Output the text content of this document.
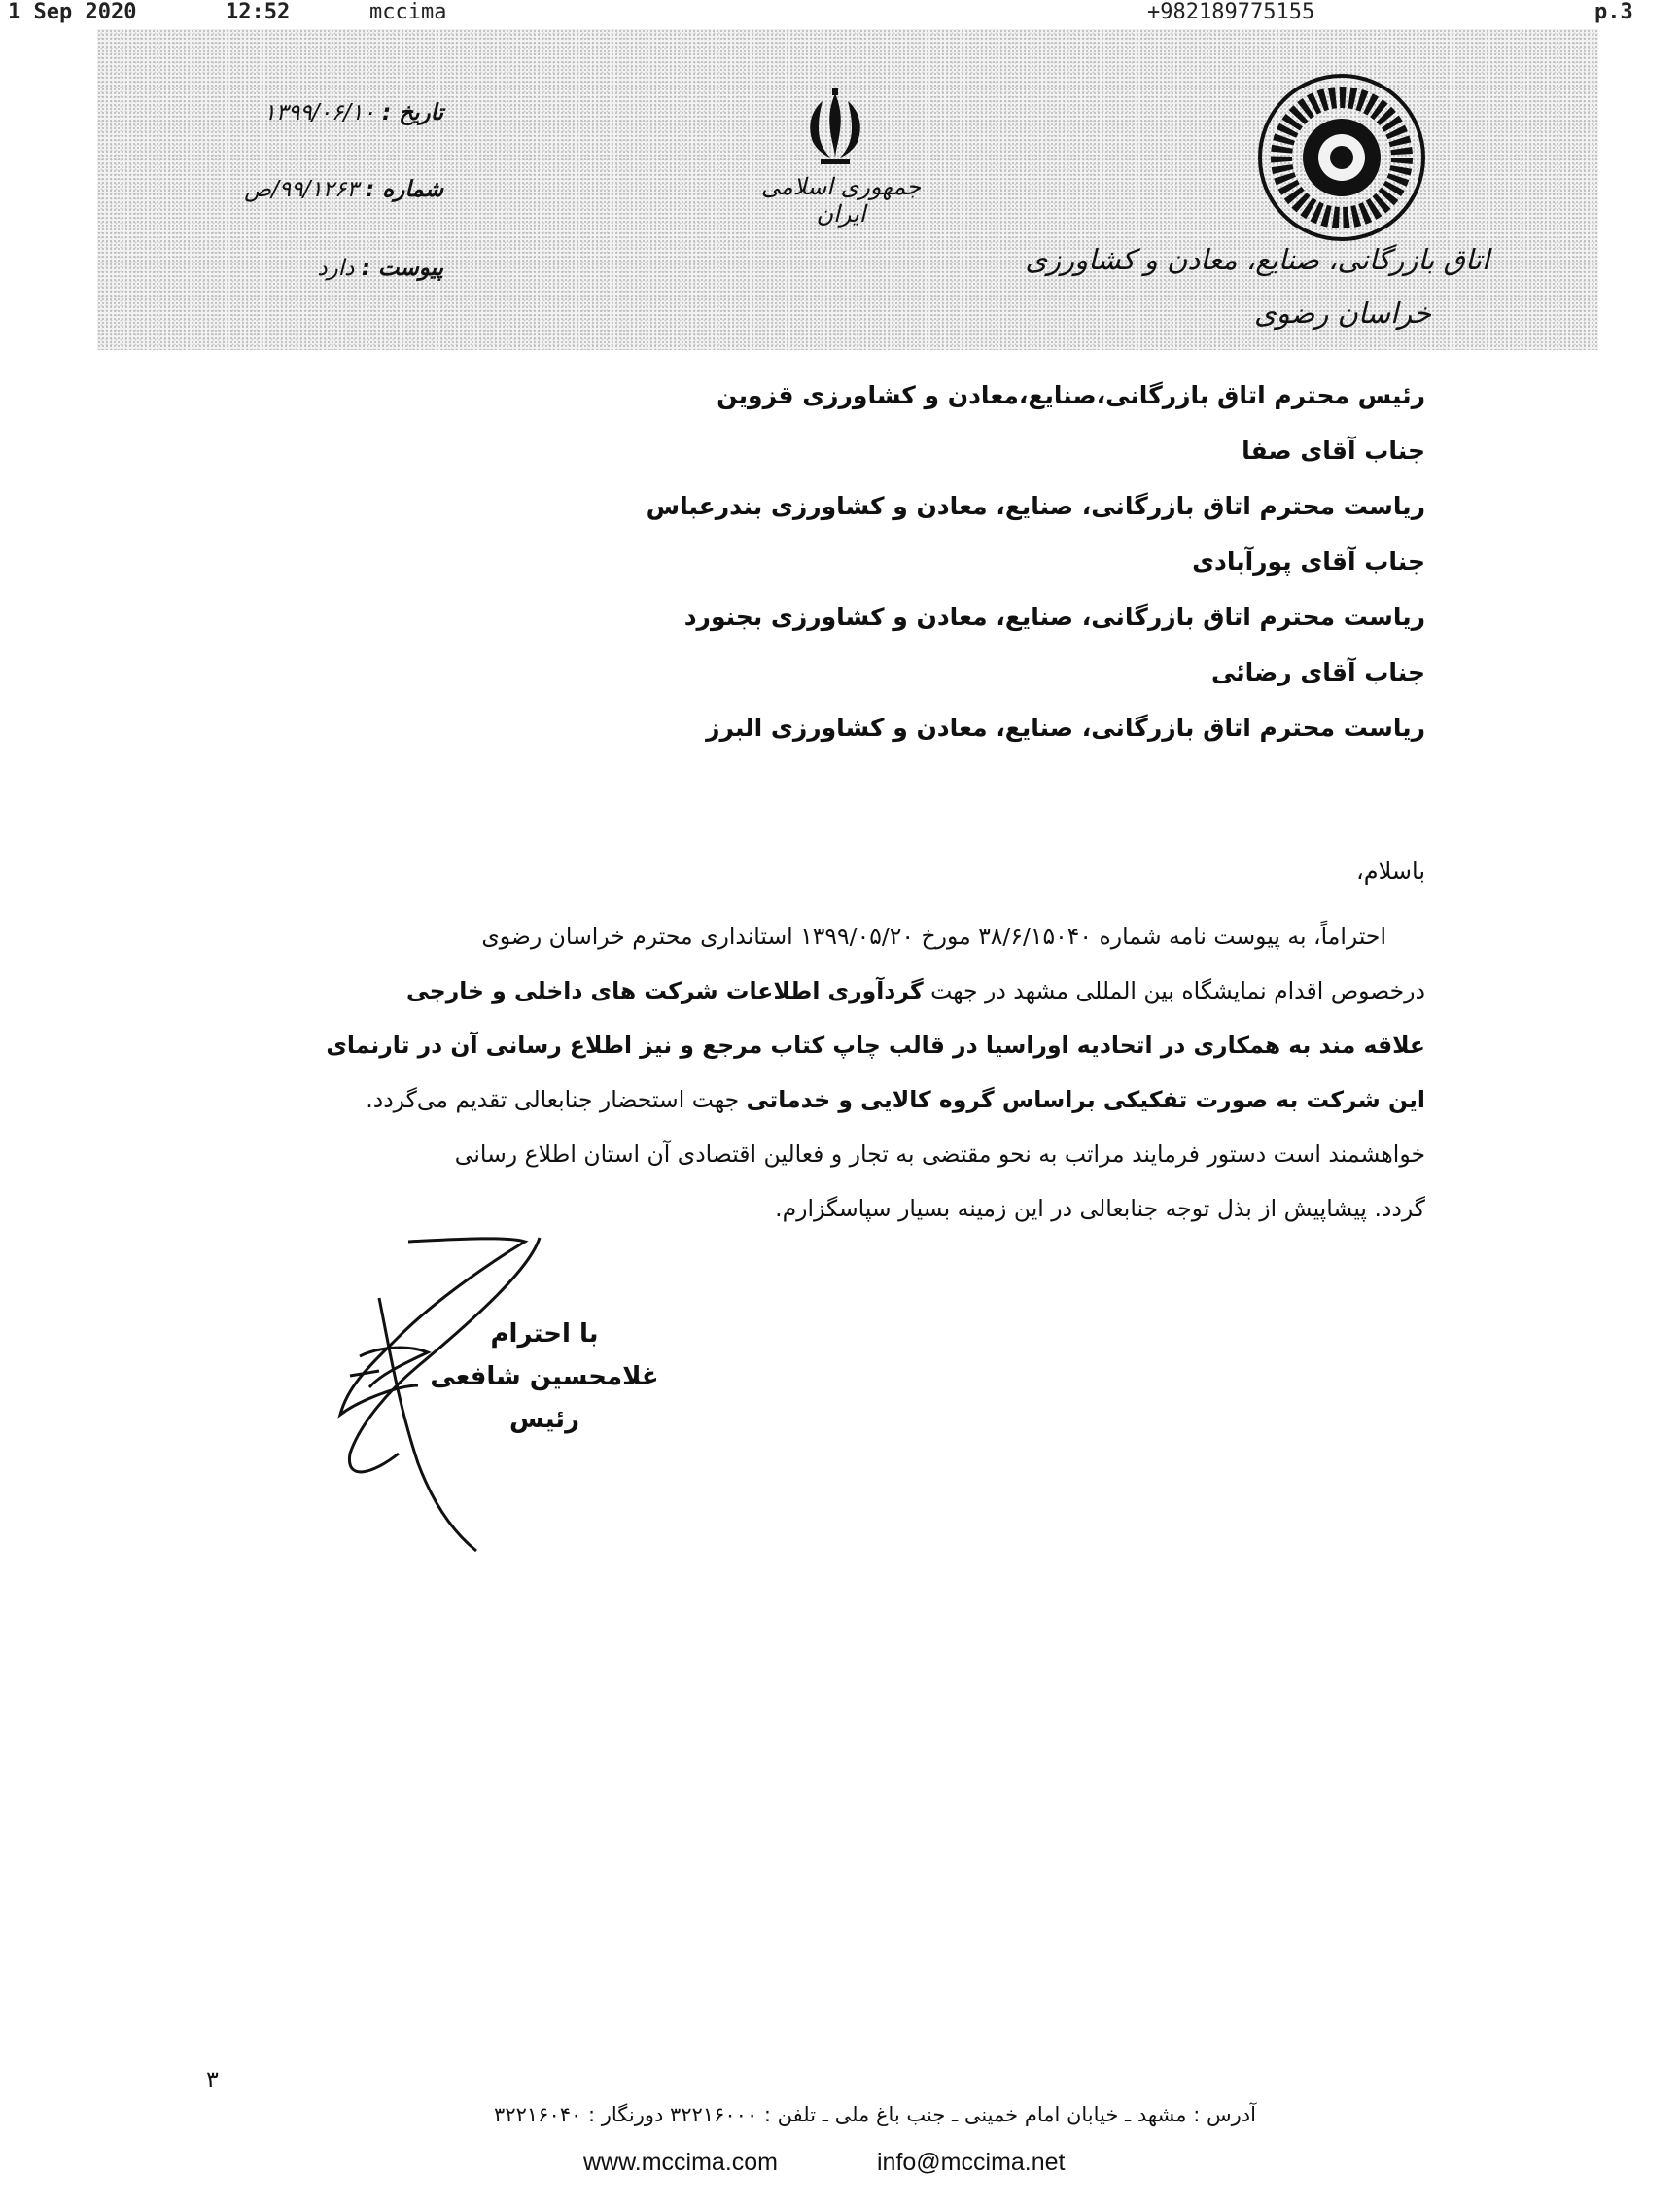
1 Sep 2020	12:52	mccima	+982189775155	p.3
تاریخ : ۱۳۹۹/۰۶/۱۰
شماره : ۹۹/۱۲۶۳/ص
پیوست : دارد
جمهوری اسلامی ایران
اتاق بازرگانی، صنایع، معادن و کشاورزی
خراسان رضوی
رئیس محترم اتاق بازرگانی،صنایع،معادن و کشاورزی قزوین
جناب آقای صفا
ریاست محترم اتاق بازرگانی، صنایع، معادن و کشاورزی بندرعباس
جناب آقای پورآبادی
ریاست محترم اتاق بازرگانی، صنایع، معادن و کشاورزی بجنورد
جناب آقای رضائی
ریاست محترم اتاق بازرگانی، صنایع، معادن و کشاورزی البرز
باسلام،
احتراماً، به پیوست نامه شماره ۳۸/۶/۱۵۰۴۰ مورخ ۱۳۹۹/۰۵/۲۰ استانداری محترم خراسان رضوی
درخصوص اقدام نمایشگاه بین المللی مشهد در جهت گردآوری اطلاعات شرکت های داخلی و خارجی
علاقه مند به همکاری در اتحادیه اوراسیا در قالب چاپ کتاب مرجع و نیز اطلاع رسانی آن در تارنمای
این شرکت به صورت تفکیکی براساس گروه کالایی و خدماتی جهت استحضار جنابعالی تقدیم می‌گردد.
خواهشمند است دستور فرمایند مراتب به نحو مقتضی به تجار و فعالین اقتصادی آن استان اطلاع رسانی
گردد. پیشاپیش از بذل توجه جنابعالی در این زمینه بسیار سپاسگزارم.
با احترام
غلامحسین شافعی
رئیس
۳
آدرس : مشهد ـ خیابان امام خمینی ـ جنب باغ ملی ـ تلفن : ۳۲۲۱۶۰۰۰ دورنگار : ۳۲۲۱۶۰۴۰
www.mccima.com	info@mccima.net
